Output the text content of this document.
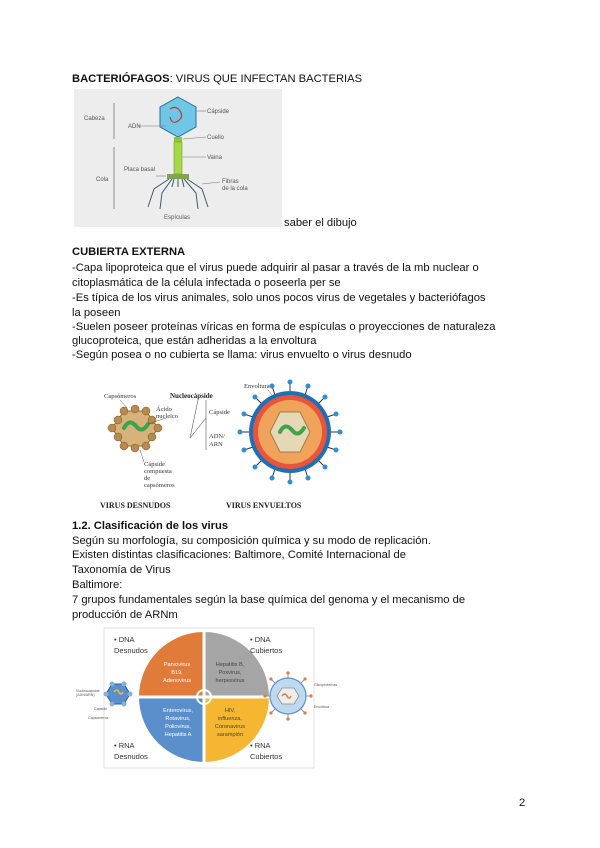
BACTERIÓFAGOS: VIRUS QUE INFECTAN BACTERIAS
Cabeza
ADN
Cápside
Cuello
Vaina
Placa basal
Cola	Fibras
de la cola
Espículas	saber el dibujo
CUBIERTA EXTERNA
-Capa lipoproteica que el virus puede adquirir al pasar a través de la mb nuclear o
citoplasmática de la célula infectada o poseerla per se
-Es típica de los virus animales, solo unos pocos virus de vegetales y bacteriófagos
la poseen
-Suelen poseer proteínas víricas en forma de espículas o proyecciones de naturaleza
glucoproteica, que están adheridas a la envoltura
-Según posea o no cubierta se llama: virus envuelto o virus desnudo
Capsómeros
Ácido
nucleico
Cápside
compuesta
de
capsómeros
Nucleocápside
Cápside
ADN/
ARN
Envoltura
VIRUS DESNUDOS	VIRUS ENVUELTOS
1.2. Clasificación de los virus
Según su morfología, su composición química y su modo de replicación.
Existen distintas clasificaciones: Baltimore, Comité Internacional de
Taxonomía de Virus
Baltimore:
7 grupos fundamentales según la base química del genoma y el mecanismo de
producción de ARNm
• DNA
Desnudos
• DNA
Cubiertos
• RNA
Desnudos
• RNA
Cubiertos
Parvovirus
B19,
Adenovirus
Hepatitis B,
Poxvirus,
herpesvirus
Enterovirus,
Rotavirus,
Poliovirus,
Hepatitis A
HIV,
influenza,
Coronavirus
sarampión
Nucleocápside
(ADN/ARN)
Cápside
Capsómeros
Glicoproteínas
Envoltura
2
